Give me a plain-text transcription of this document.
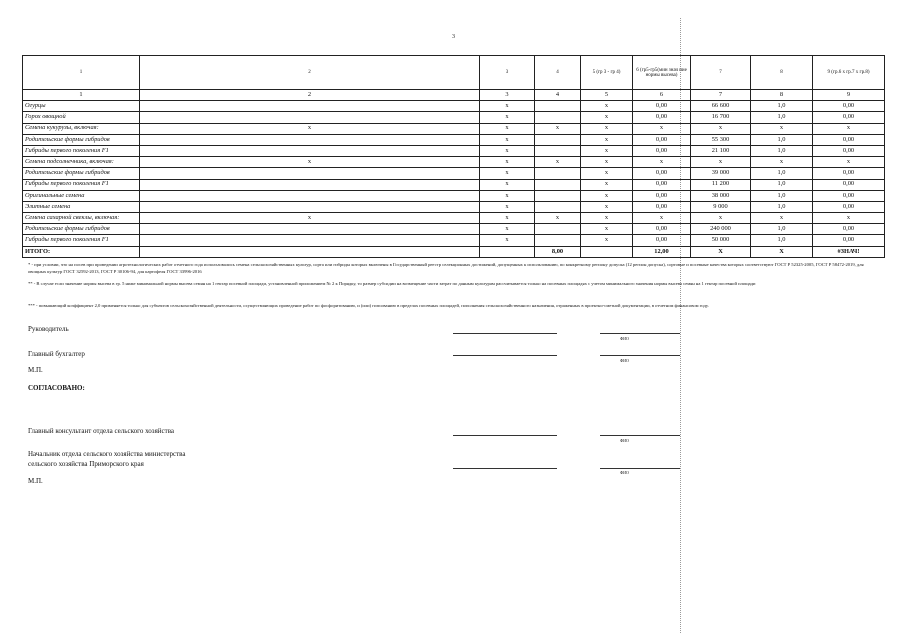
3
1	2	3	4	5 (гр 3 - гр 4)	6 (гр5-гр5(мин знач ние нормы высева)	7	8	9 (гр.6 х гр.7 х гр.8)
1	2	3	4	5	6	7	8	9
Огурцы		x		x	0,00	66 600	1,0	0,00
Горох овощной		x		x	0,00	16 700	1,0	0,00
Семена кукурузы, включая:	x	x	x	x	x	x	x	x
Родительские формы гибридов		x		x	0,00	55 300	1,0	0,00
Гибриды первого поколения F1		x		x	0,00	21 100	1,0	0,00
Семена подсолнечника, включая:	x	x	x	x	x	x	x	x
Родительские формы гибридов		x		x	0,00	39 000	1,0	0,00
Гибриды первого поколения F1		x		x	0,00	11 200	1,0	0,00
Оригинальные семена		x		x	0,00	38 000	1,0	0,00
Элитные семена		x		x	0,00	9 000	1,0	0,00
Семена сахарной свеклы, включая:	x	x	x	x	x	x	x	x
Родительские формы гибридов		x		x	0,00	240 000	1,0	0,00
Гибриды первого поколения F1		x		x	0,00	50 000	1,0	0,00
ИТОГО:			8,00		12,00	X	X	#ЗНАЧ!
* - при условии, что на посев при проведении агротехнологических работ отчетного года использовались семена сельскохозяйственных культур, сорта или гибриды которых включены в Государственный реестр селекционных достижений, допущенных к использованию, по конкретному региону допуска (12 регион допуска), сортовые и посевные качества которых соответствуют ГОСТ Р 52325-2005, ГОСТ Р 58472-2019, для овощных культур ГОСТ 32592-2013, ГОСТ Р 30106-94, для картофеля ГОСТ 33996-2016
** - В случае если значение нормы высева в гр. 5 ниже минимальной нормы высева семян на 1 гектар посевной площади, установленной приложением № 2 к Порядку, то размер субсидии на возмещение части затрат по данным культурам рассчитывается только на посевных площадях с учетом минимального значения нормы высева семян на 1 гектар посевной площади
*** - повышающий коэффициент 2,0 применяется только для субъектов сельскохозяйственной деятельности, осуществляющих проведение работ по фосфоритованию, и (или) гипсованию в пределах посевных площадей, пополнения сельскохозяйственного назначения, отраженных в проектно-сметной документации, в отчетном финансовом году.
Руководитель
ФИО
Главный бухгалтер
ФИО
М.П.
СОГЛАСОВАНО:
Главный консультант отдела сельского хозяйства
ФИО
Начальник отдела сельского хозяйства министерства
сельского хозяйства Приморского края
ФИО
М.П.
